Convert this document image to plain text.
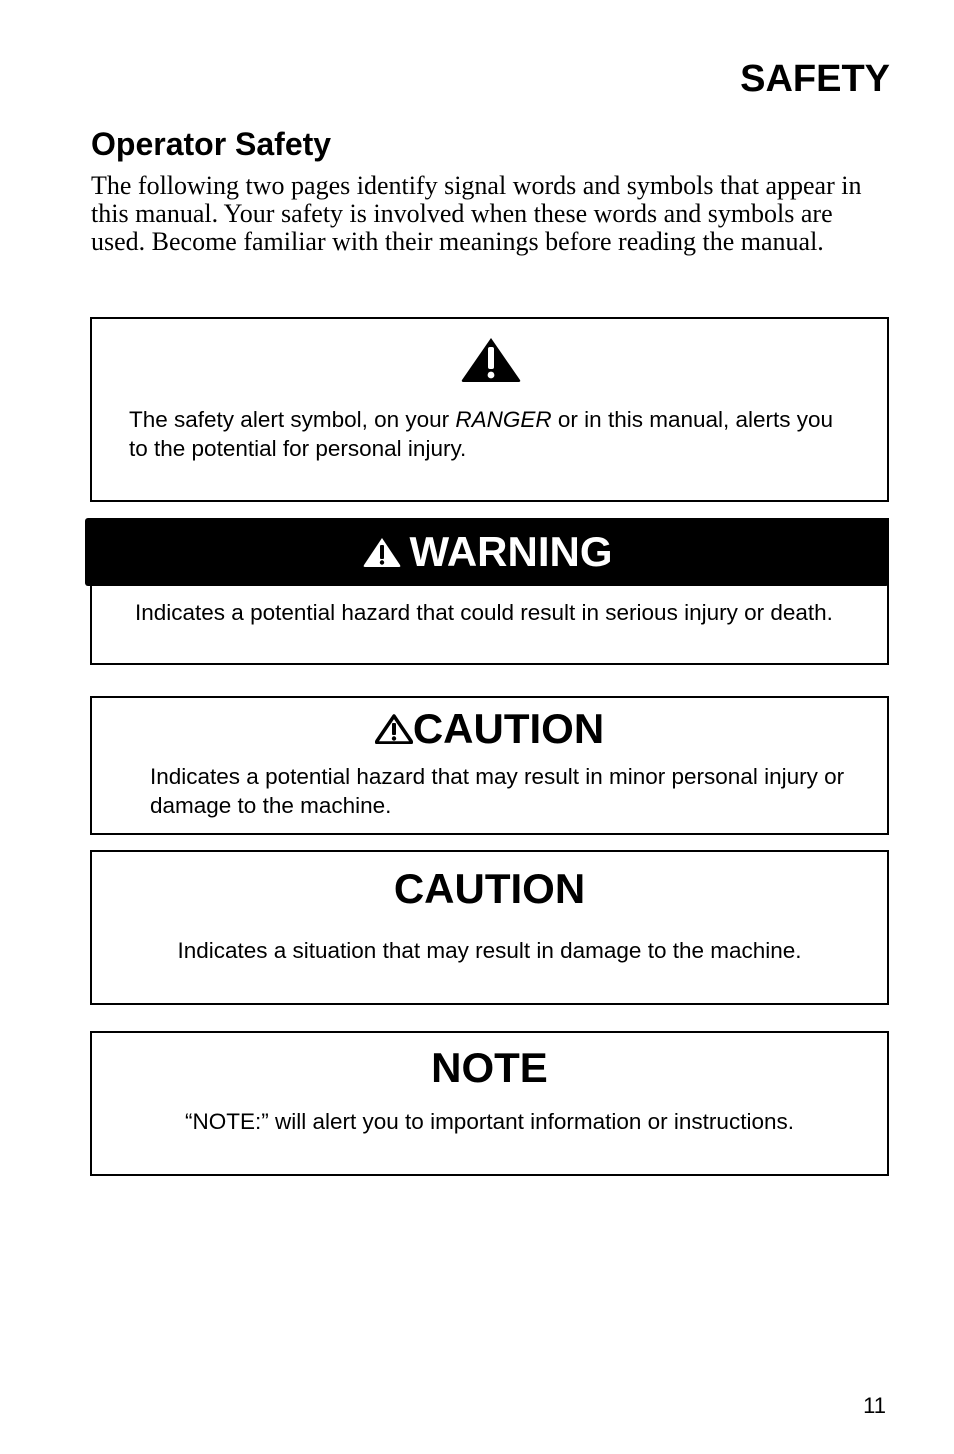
SAFETY
Operator Safety

The following two pages identify signal words and symbols that appear in this manual. Your safety is involved when these words and symbols are used. Become familiar with their meanings before reading the manual.

The safety alert symbol, on your RANGER or in this manual, alerts you to the potential for personal injury.

Indicates a potential hazard that could result in serious injury or death.

WARNING
CAUTION

Indicates a potential hazard that may result in minor personal injury or damage to the machine.

CAUTION

Indicates a situation that may result in damage to the machine.

NOTE

“NOTE:” will alert you to important information or instructions.

11
